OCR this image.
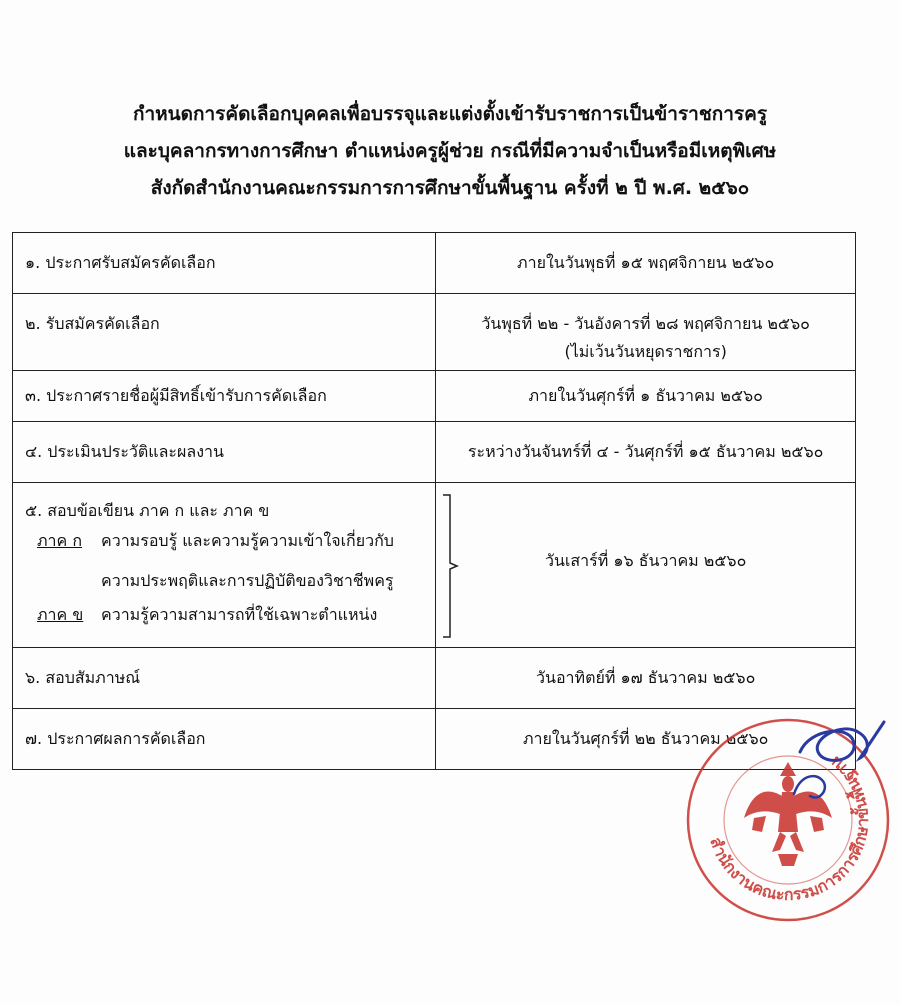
กำหนดการคัดเลือกบุคคลเพื่อบรรจุและแต่งตั้งเข้ารับราชการเป็นข้าราชการครู
และบุคลากรทางการศึกษา ตำแหน่งครูผู้ช่วย กรณีที่มีความจำเป็นหรือมีเหตุพิเศษ
สังกัดสำนักงานคณะกรรมการการศึกษาขั้นพื้นฐาน ครั้งที่ ๒ ปี พ.ศ. ๒๕๖๐
๑. ประกาศรับสมัครคัดเลือก	ภายในวันพุธที่ ๑๕ พฤศจิกายน ๒๕๖๐

๒. รับสมัครคัดเลือก	วันพุธที่ ๒๒ - วันอังคารที่ ๒๘ พฤศจิกายน ๒๕๖๐
(ไม่เว้นวันหยุดราชการ)

๓. ประกาศรายชื่อผู้มีสิทธิ์เข้ารับการคัดเลือก	ภายในวันศุกร์ที่ ๑ ธันวาคม ๒๕๖๐

๔. ประเมินประวัติและผลงาน	ระหว่างวันจันทร์ที่ ๔ - วันศุกร์ที่ ๑๕ ธันวาคม ๒๕๖๐

๕. สอบข้อเขียน ภาค ก และ ภาค ข
ภาค ก ความรอบรู้ และความรู้ความเข้าใจเกี่ยวกับ
ความประพฤติและการปฏิบัติของวิชาชีพครู
ภาค ข ความรู้ความสามารถที่ใช้เฉพาะตำแหน่ง	วันเสาร์ที่ ๑๖ ธันวาคม ๒๕๖๐

๖. สอบสัมภาษณ์	วันอาทิตย์ที่ ๑๗ ธันวาคม ๒๕๖๐

๗. ประกาศผลการคัดเลือก	ภายในวันศุกร์ที่ ๒๒ ธันวาคม ๒๕๖๐
สำนักงานคณะกรรมการการศึกษาขั้นพื้นฐาน
